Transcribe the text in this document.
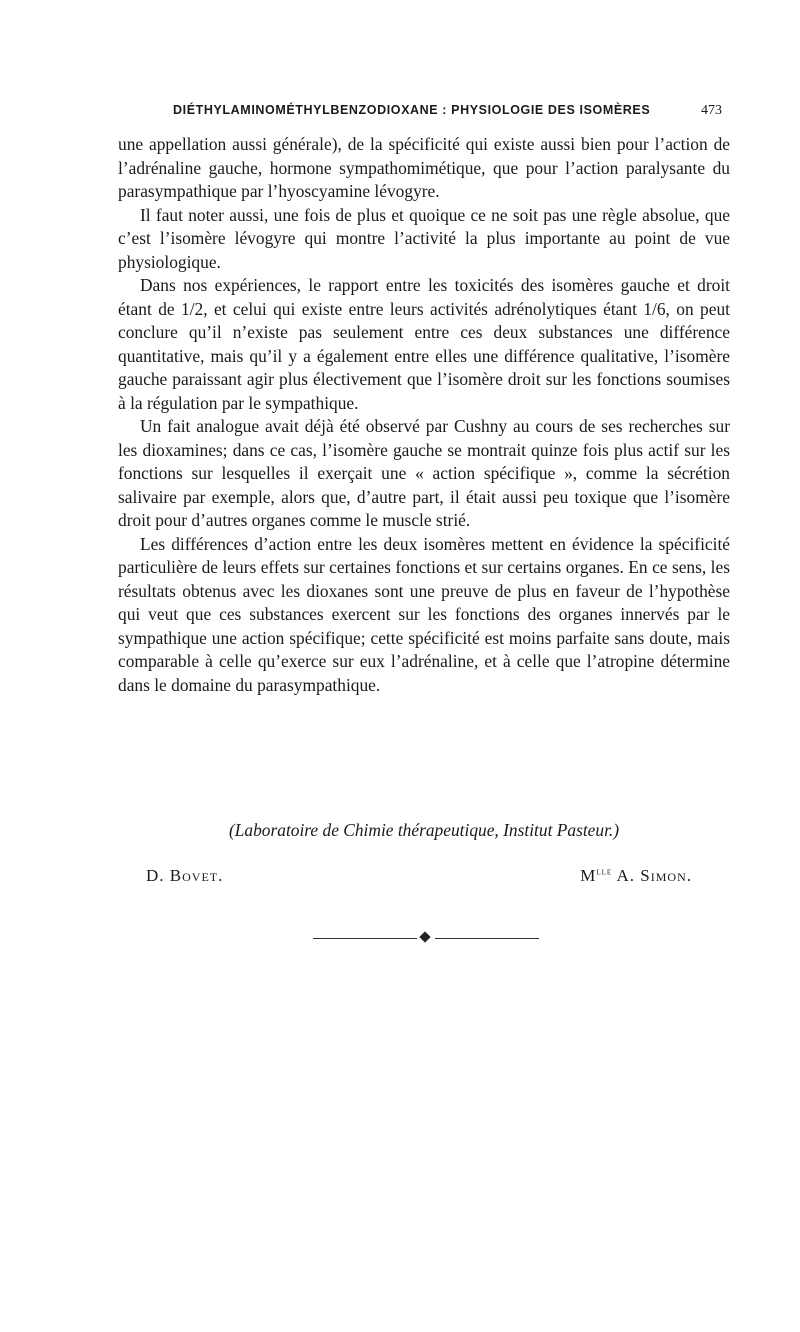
DIÉTHYLAMINOMÉTHYLBENZODIOXANE : PHYSIOLOGIE DES ISOMÈRES	473

une appellation aussi générale), de la spécificité qui existe aussi bien pour l’action de l’adrénaline gauche, hormone sympathomimétique, que pour l’action paralysante du parasympathique par l’hyoscyamine lévogyre.

Il faut noter aussi, une fois de plus et quoique ce ne soit pas une règle absolue, que c’est l’isomère lévogyre qui montre l’activité la plus importante au point de vue physiologique.

Dans nos expériences, le rapport entre les toxicités des isomères gauche et droit étant de 1/2, et celui qui existe entre leurs activités adrénolytiques étant 1/6, on peut conclure qu’il n’existe pas seulement entre ces deux substances une différence quantitative, mais qu’il y a également entre elles une différence qualitative, l’isomère gauche paraissant agir plus électivement que l’isomère droit sur les fonctions soumises à la régulation par le sympathique.

Un fait analogue avait déjà été observé par Cushny au cours de ses recherches sur les dioxamines; dans ce cas, l’isomère gauche se montrait quinze fois plus actif sur les fonctions sur lesquelles il exerçait une « action spécifique », comme la sécrétion salivaire par exemple, alors que, d’autre part, il était aussi peu toxique que l’isomère droit pour d’autres organes comme le muscle strié.

Les différences d’action entre les deux isomères mettent en évidence la spécificité particulière de leurs effets sur certaines fonctions et sur certains organes. En ce sens, les résultats obtenus avec les dioxanes sont une preuve de plus en faveur de l’hypothèse qui veut que ces substances exercent sur les fonctions des organes innervés par le sympathique une action spécifique; cette spécificité est moins parfaite sans doute, mais comparable à celle qu’exerce sur eux l’adrénaline, et à celle que l’atropine détermine dans le domaine du parasympathique.

(Laboratoire de Chimie thérapeutique, Institut Pasteur.)
D. Bovet.	$M^{lle}$ A. Simon.
